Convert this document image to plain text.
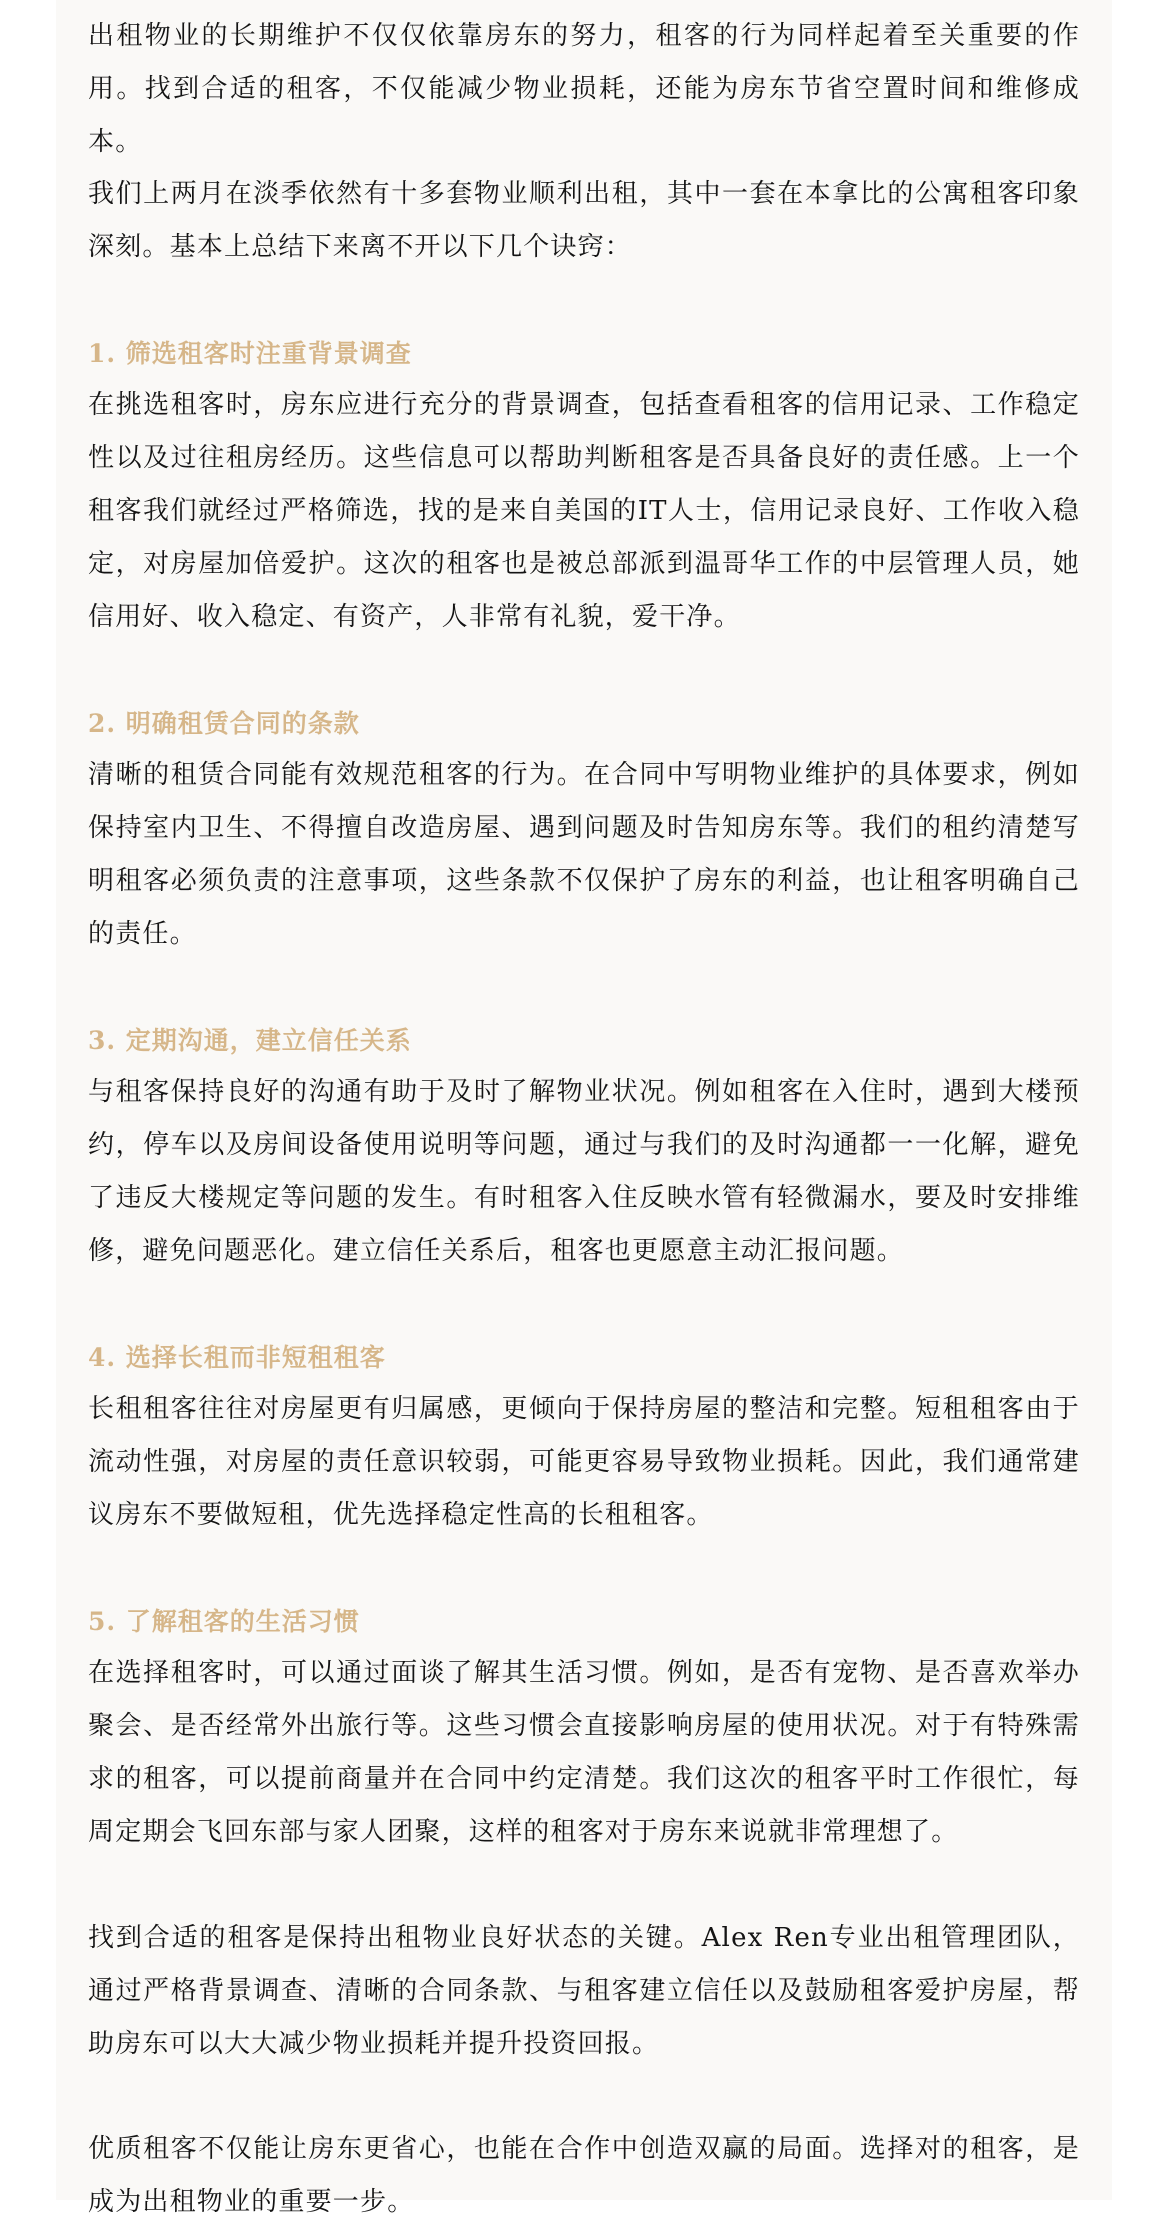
出租物业的长期维护不仅仅依靠房东的努力，租客的行为同样起着至关重要的作用。找到合适的租客，不仅能减少物业损耗，还能为房东节省空置时间和维修成本。

我们上两月在淡季依然有十多套物业顺利出租，其中一套在本拿比的公寓租客印象深刻。基本上总结下来离不开以下几个诀窍：

1. 筛选租客时注重背景调查

在挑选租客时，房东应进行充分的背景调查，包括查看租客的信用记录、工作稳定性以及过往租房经历。这些信息可以帮助判断租客是否具备良好的责任感。上一个租客我们就经过严格筛选，找的是来自美国的IT人士，信用记录良好、工作收入稳定，对房屋加倍爱护。这次的租客也是被总部派到温哥华工作的中层管理人员，她信用好、收入稳定、有资产，人非常有礼貌，爱干净。

2. 明确租赁合同的条款

清晰的租赁合同能有效规范租客的行为。在合同中写明物业维护的具体要求，例如保持室内卫生、不得擅自改造房屋、遇到问题及时告知房东等。我们的租约清楚写明租客必须负责的注意事项，这些条款不仅保护了房东的利益，也让租客明确自己的责任。

3. 定期沟通，建立信任关系

与租客保持良好的沟通有助于及时了解物业状况。例如租客在入住时，遇到大楼预约，停车以及房间设备使用说明等问题，通过与我们的及时沟通都一一化解，避免了违反大楼规定等问题的发生。有时租客入住反映水管有轻微漏水，要及时安排维修，避免问题恶化。建立信任关系后，租客也更愿意主动汇报问题。

4. 选择长租而非短租租客

长租租客往往对房屋更有归属感，更倾向于保持房屋的整洁和完整。短租租客由于流动性强，对房屋的责任意识较弱，可能更容易导致物业损耗。因此，我们通常建议房东不要做短租，优先选择稳定性高的长租租客。

5. 了解租客的生活习惯

在选择租客时，可以通过面谈了解其生活习惯。例如，是否有宠物、是否喜欢举办聚会、是否经常外出旅行等。这些习惯会直接影响房屋的使用状况。对于有特殊需求的租客，可以提前商量并在合同中约定清楚。我们这次的租客平时工作很忙，每周定期会飞回东部与家人团聚，这样的租客对于房东来说就非常理想了。

找到合适的租客是保持出租物业良好状态的关键。Alex Ren专业出租管理团队，通过严格背景调查、清晰的合同条款、与租客建立信任以及鼓励租客爱护房屋，帮助房东可以大大减少物业损耗并提升投资回报。

优质租客不仅能让房东更省心，也能在合作中创造双赢的局面。选择对的租客，是成为出租物业的重要一步。
